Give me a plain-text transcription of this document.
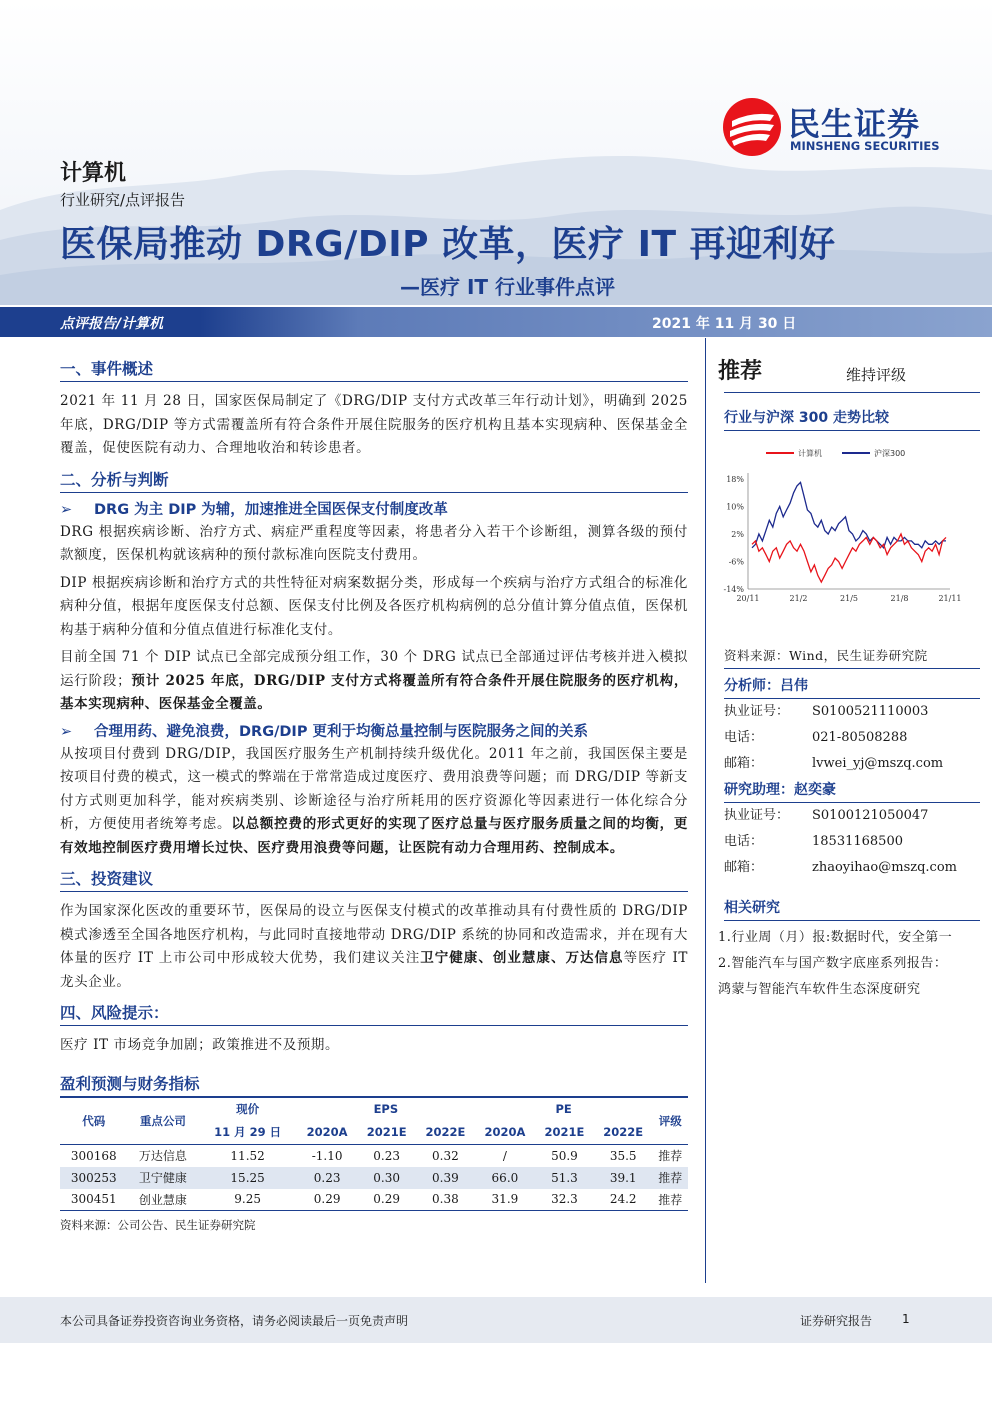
民生证券
MINSHENG SECURITIES
计算机
行业研究/点评报告
医保局推动 DRG/DIP 改革，医疗 IT 再迎利好
—医疗 IT 行业事件点评
点评报告/计算机	2021 年 11 月 30 日
一、事件概述
2021 年 11 月 28 日，国家医保局制定了《DRG/DIP 支付方式改革三年行动计划》，明确到 2025 年底，DRG/DIP 等方式需覆盖所有符合条件开展住院服务的医疗机构且基本实现病种、医保基金全覆盖，促使医院有动力、合理地收治和转诊患者。
二、分析与判断
➢ DRG 为主 DIP 为辅，加速推进全国医保支付制度改革
DRG 根据疾病诊断、治疗方式、病症严重程度等因素，将患者分入若干个诊断组，测算各级的预付款额度，医保机构就该病种的预付款标准向医院支付费用。
DIP 根据疾病诊断和治疗方式的共性特征对病案数据分类，形成每一个疾病与治疗方式组合的标准化病种分值，根据年度医保支付总额、医保支付比例及各医疗机构病例的总分值计算分值点值，医保机构基于病种分值和分值点值进行标准化支付。
目前全国 71 个 DIP 试点已全部完成预分组工作，30 个 DRG 试点已全部通过评估考核并进入模拟运行阶段；预计 2025 年底，DRG/DIP 支付方式将覆盖所有符合条件开展住院服务的医疗机构，基本实现病种、医保基金全覆盖。
➢ 合理用药、避免浪费，DRG/DIP 更利于均衡总量控制与医院服务之间的关系
从按项目付费到 DRG/DIP，我国医疗服务生产机制持续升级优化。2011 年之前，我国医保主要是按项目付费的模式，这一模式的弊端在于常常造成过度医疗、费用浪费等问题；而 DRG/DIP 等新支付方式则更加科学，能对疾病类别、诊断途径与治疗所耗用的医疗资源化等因素进行一体化综合分析，方便使用者统筹考虑。以总额控费的形式更好的实现了医疗总量与医疗服务质量之间的均衡，更有效地控制医疗费用增长过快、医疗费用浪费等问题，让医院有动力合理用药、控制成本。
三、投资建议
作为国家深化医改的重要环节，医保局的设立与医保支付模式的改革推动具有付费性质的 DRG/DIP 模式渗透至全国各地医疗机构，与此同时直接地带动 DRG/DIP 系统的协同和改造需求，并在现有大体量的医疗 IT 上市公司中形成较大优势，我们建议关注卫宁健康、创业慧康、万达信息等医疗 IT 龙头企业。
四、风险提示：
医疗 IT 市场竞争加剧；政策推进不及预期。
盈利预测与财务指标
代码	重点公司	现价	EPS			PE			评级
		11 月 29 日	2020A	2021E	2022E	2020A	2021E	2022E	
300168	万达信息	11.52	-1.10	0.23	0.32	/	50.9	35.5	推荐
300253	卫宁健康	15.25	0.23	0.30	0.39	66.0	51.3	39.1	推荐
300451	创业慧康	9.25	0.29	0.29	0.38	31.9	32.3	24.2	推荐
资料来源：公司公告、民生证券研究院
推荐	维持评级
行业与沪深 300 走势比较
18%
10%
2%
-6%
-14%
20/11	21/2	21/5	21/8	21/11
计算机	沪深300
资料来源：Wind，民生证券研究院
分析师：吕伟
执业证号： S0100521110003
电话：	021-80508288
邮箱：	lvwei_yj@mszq.com
研究助理：赵奕豪
执业证号： S0100121050047
电话：	18531168500
邮箱：	zhaoyihao@mszq.com
相关研究
1.行业周（月）报:数据时代，安全第一
2.智能汽车与国产数字底座系列报告：
鸿蒙与智能汽车软件生态深度研究
本公司具备证券投资咨询业务资格，请务必阅读最后一页免责声明	证券研究报告 1
